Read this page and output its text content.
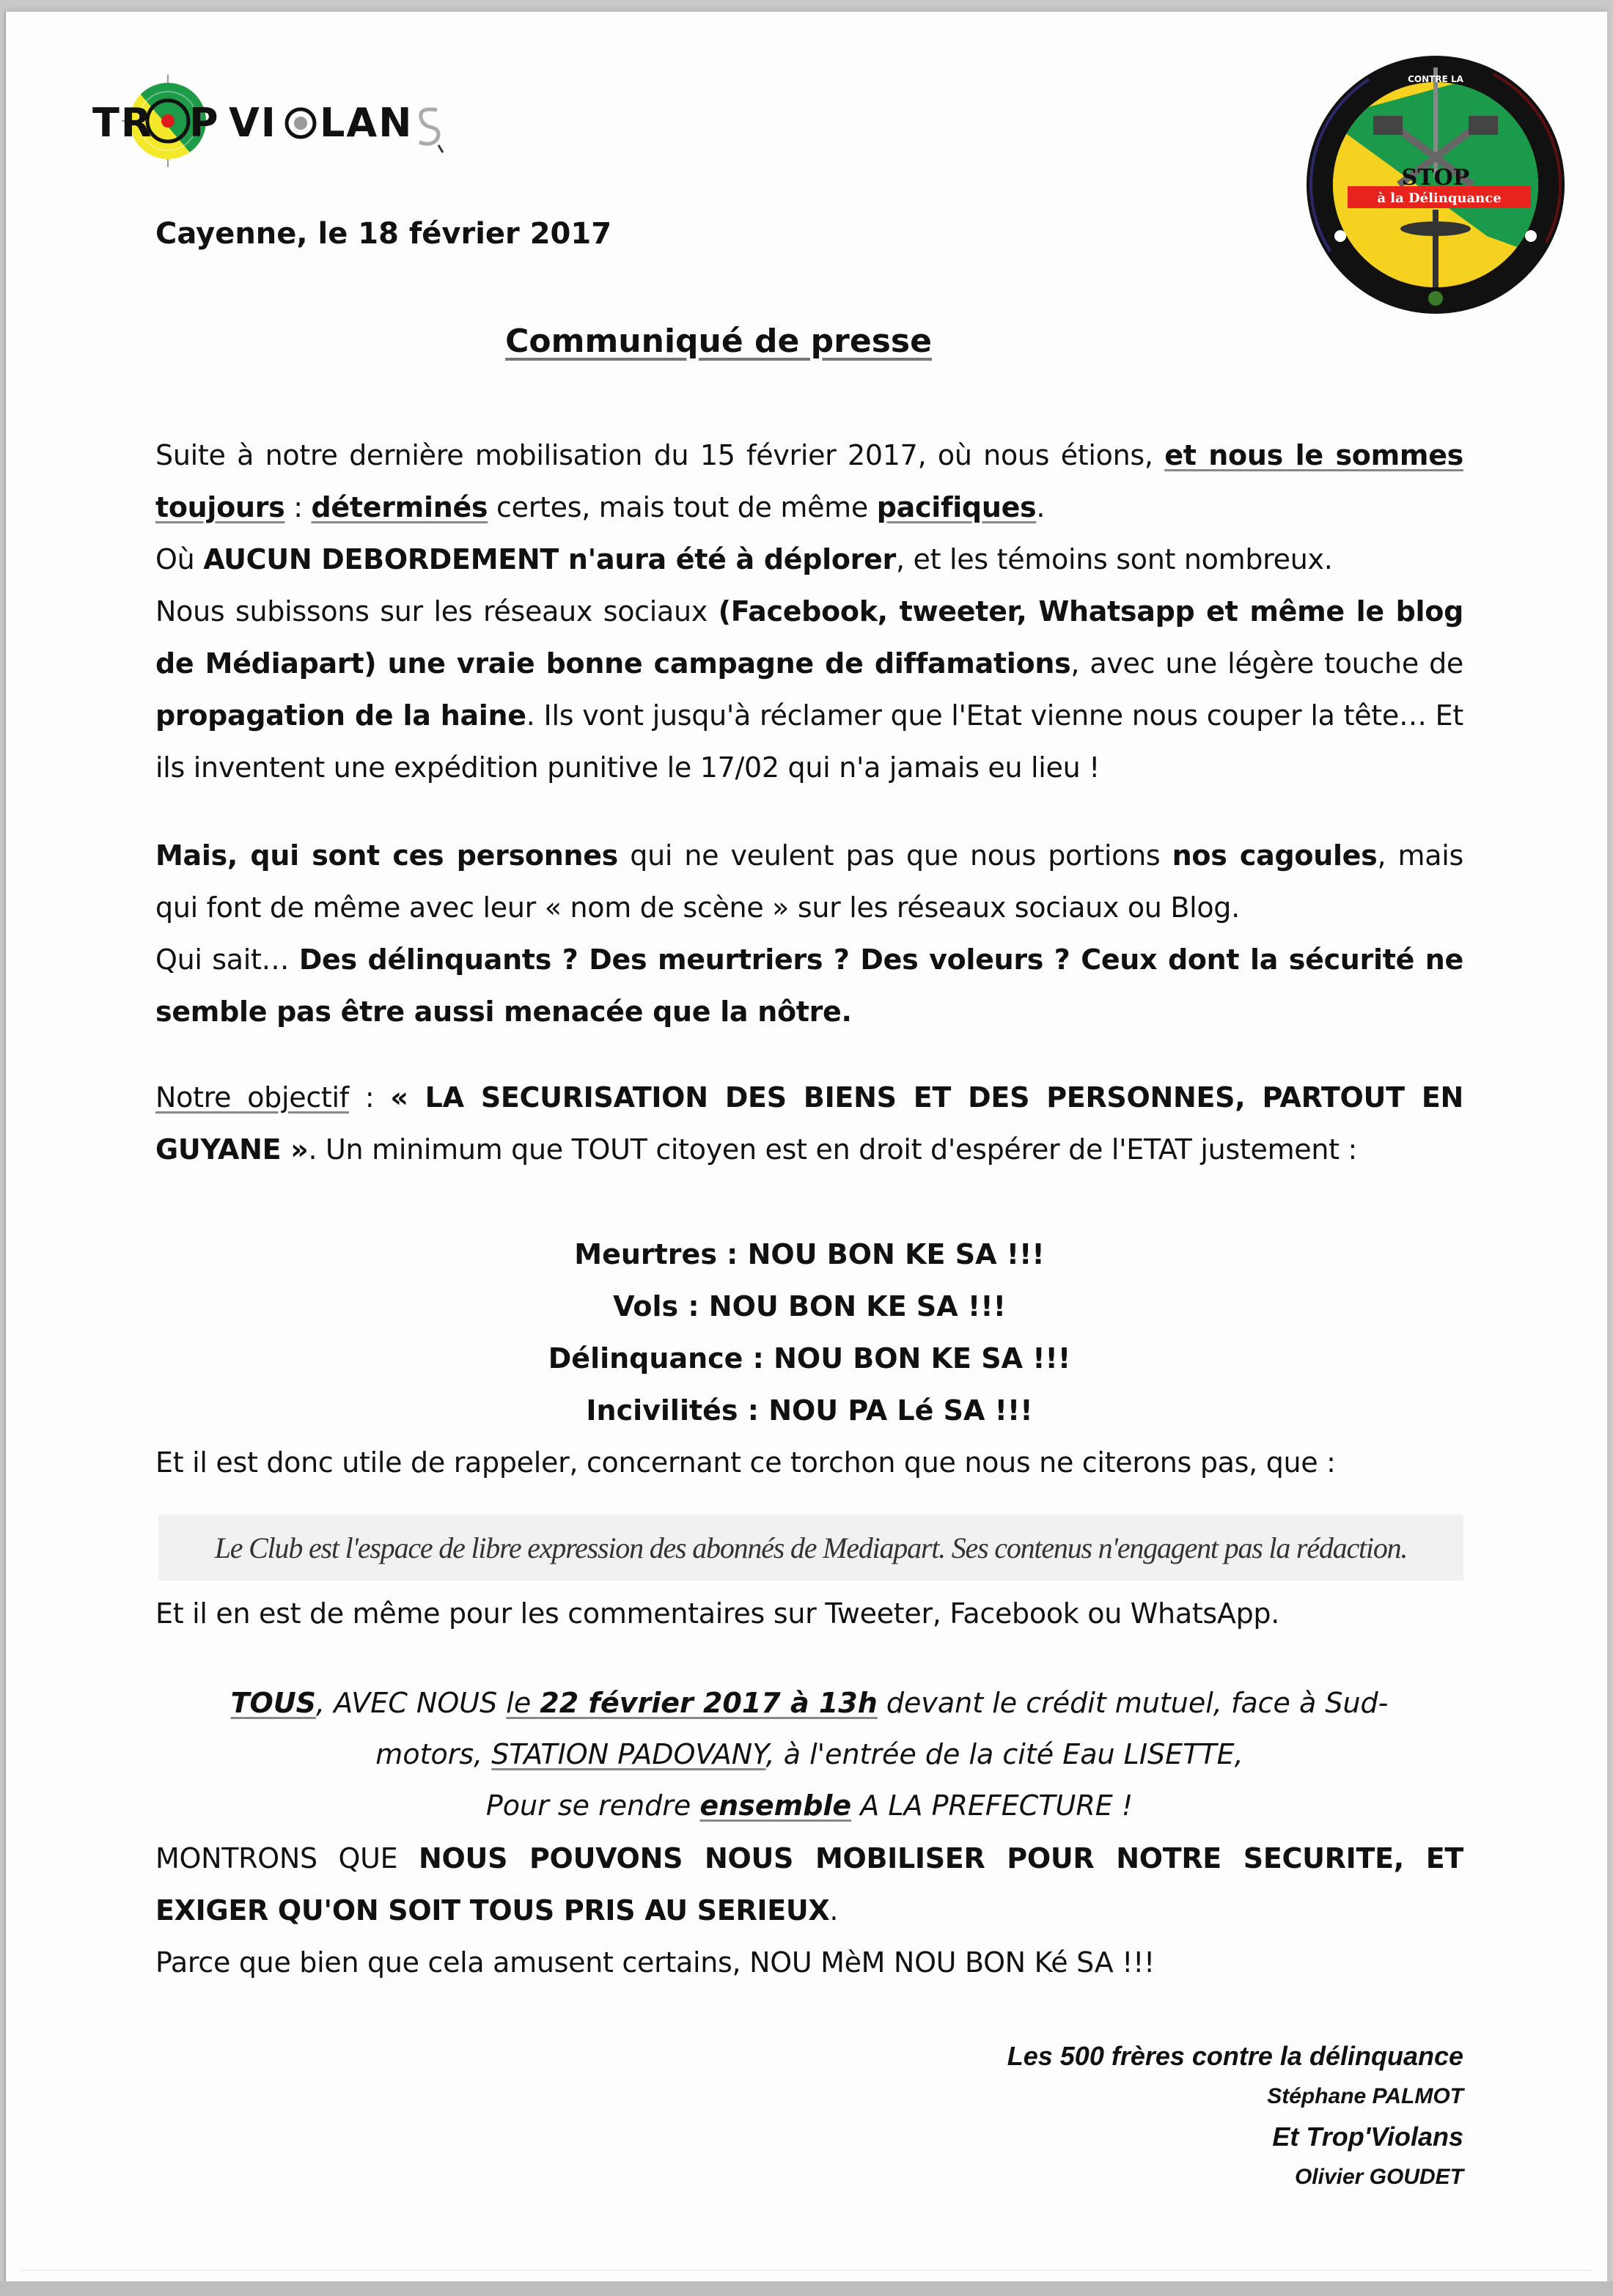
TR P VI LAN
STOP
à la Délinquance
CONTRE LA
Cayenne, le 18 février 2017
Communiqué de presse
Suite à notre dernière mobilisation du 15 février 2017, où nous étions, et nous le sommes toujours : déterminés certes, mais tout de même pacifiques.
Où AUCUN DEBORDEMENT n'aura été à déplorer, et les témoins sont nombreux.
Nous subissons sur les réseaux sociaux (Facebook, tweeter, Whatsapp et même le blog de Médiapart) une vraie bonne campagne de diffamations, avec une légère touche de propagation de la haine. Ils vont jusqu'à réclamer que l'Etat vienne nous couper la tête… Et ils inventent une expédition punitive le 17/02 qui n'a jamais eu lieu !
Mais, qui sont ces personnes qui ne veulent pas que nous portions nos cagoules, mais qui font de même avec leur « nom de scène » sur les réseaux sociaux ou Blog.
Qui sait… Des délinquants ? Des meurtriers ? Des voleurs ? Ceux dont la sécurité ne semble pas être aussi menacée que la nôtre.
Notre objectif : « LA SECURISATION DES BIENS ET DES PERSONNES, PARTOUT EN GUYANE ». Un minimum que TOUT citoyen est en droit d'espérer de l'ETAT justement :
Meurtres : NOU BON KE SA !!!
Vols : NOU BON KE SA !!!
Délinquance : NOU BON KE SA !!!
Incivilités : NOU PA Lé SA !!!
Et il est donc utile de rappeler, concernant ce torchon que nous ne citerons pas, que :
Le Club est l'espace de libre expression des abonnés de Mediapart. Ses contenus n'engagent pas la rédaction.
Et il en est de même pour les commentaires sur Tweeter, Facebook ou WhatsApp.
TOUS, AVEC NOUS le 22 février 2017 à 13h devant le crédit mutuel, face à Sud-
motors, STATION PADOVANY, à l'entrée de la cité Eau LISETTE,
Pour se rendre ensemble A LA PREFECTURE !
MONTRONS QUE NOUS POUVONS NOUS MOBILISER POUR NOTRE SECURITE, ET EXIGER QU'ON SOIT TOUS PRIS AU SERIEUX.
Parce que bien que cela amusent certains, NOU MèM NOU BON Ké SA !!!
Les 500 frères contre la délinquance
Stéphane PALMOT
Et Trop'Violans
Olivier GOUDET
